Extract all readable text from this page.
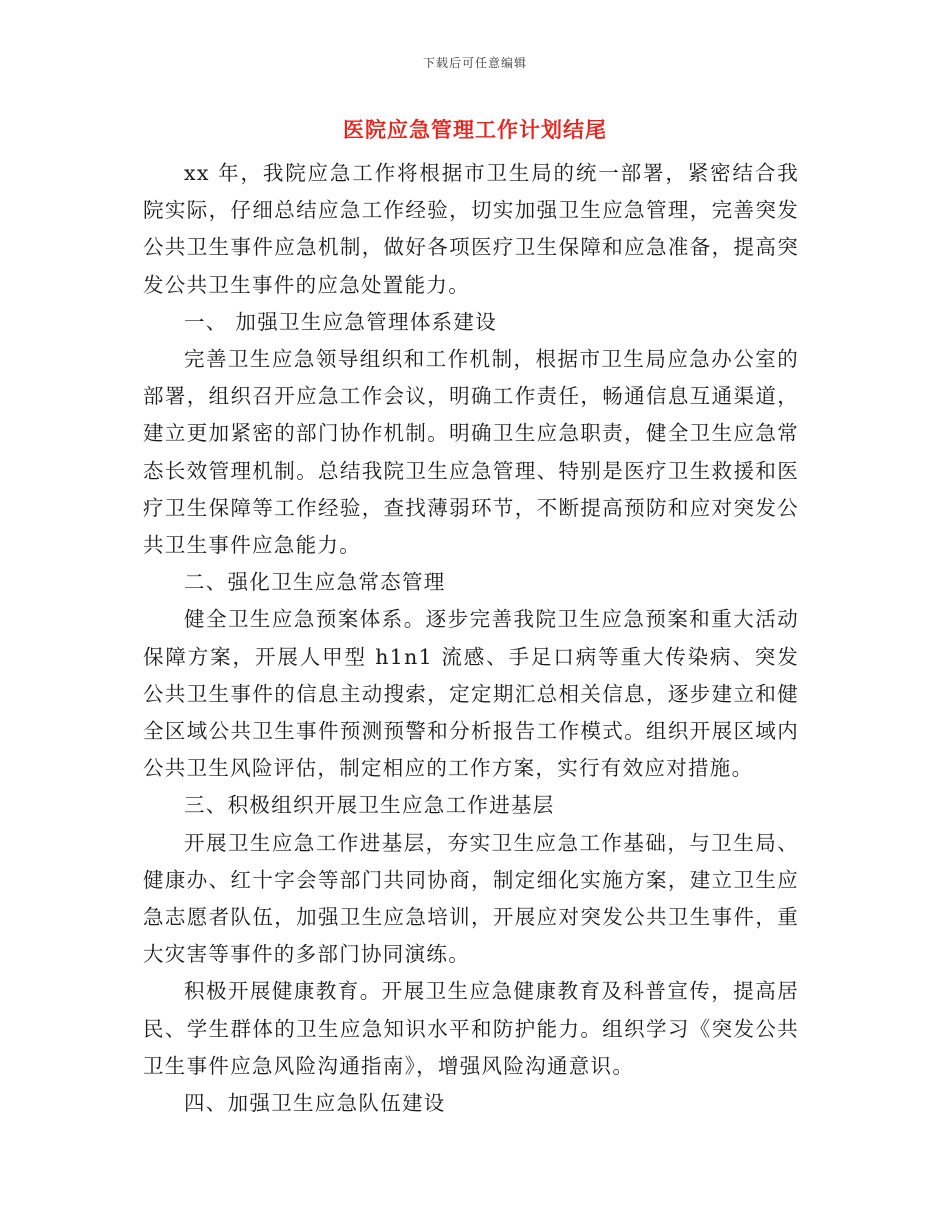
下载后可任意编辑
医院应急管理工作计划结尾

xx 年，我院应急工作将根据市卫生局的统一部署，紧密结合我院实际，仔细总结应急工作经验，切实加强卫生应急管理，完善突发公共卫生事件应急机制，做好各项医疗卫生保障和应急准备，提高突发公共卫生事件的应急处置能力。

一、 加强卫生应急管理体系建设

完善卫生应急领导组织和工作机制，根据市卫生局应急办公室的部署，组织召开应急工作会议，明确工作责任，畅通信息互通渠道，建立更加紧密的部门协作机制。明确卫生应急职责，健全卫生应急常态长效管理机制。总结我院卫生应急管理、特别是医疗卫生救援和医疗卫生保障等工作经验，查找薄弱环节，不断提高预防和应对突发公共卫生事件应急能力。

二、强化卫生应急常态管理

健全卫生应急预案体系。逐步完善我院卫生应急预案和重大活动保障方案，开展人甲型 h1n1 流感、手足口病等重大传染病、突发公共卫生事件的信息主动搜索，定定期汇总相关信息，逐步建立和健全区域公共卫生事件预测预警和分析报告工作模式。组织开展区域内公共卫生风险评估，制定相应的工作方案，实行有效应对措施。

三、积极组织开展卫生应急工作进基层

开展卫生应急工作进基层，夯实卫生应急工作基础，与卫生局、健康办、红十字会等部门共同协商，制定细化实施方案，建立卫生应急志愿者队伍，加强卫生应急培训，开展应对突发公共卫生事件，重大灾害等事件的多部门协同演练。

积极开展健康教育。开展卫生应急健康教育及科普宣传，提高居民、学生群体的卫生应急知识水平和防护能力。组织学习《突发公共卫生事件应急风险沟通指南》，增强风险沟通意识。

四、加强卫生应急队伍建设
